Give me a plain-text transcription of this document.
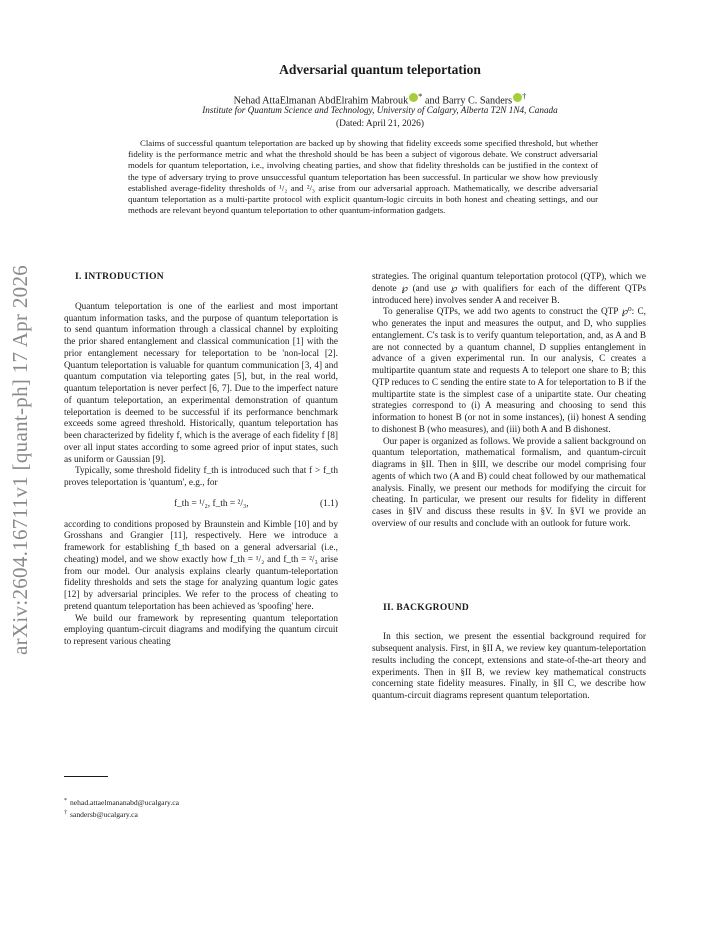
arXiv:2604.16711v1 [quant-ph] 17 Apr 2026
Adversarial quantum teleportation
Nehad AttaElmanan AbdElrahim Mabrouk * and Barry C. Sanders †
Institute for Quantum Science and Technology, University of Calgary, Alberta T2N 1N4, Canada
(Dated: April 21, 2026)

Claims of successful quantum teleportation are backed up by showing that fidelity exceeds some specified threshold, but whether fidelity is the performance metric and what the threshold should be has been a subject of vigorous debate. We construct adversarial models for quantum teleportation, i.e., involving cheating parties, and show that fidelity thresholds can be justified in the context of the type of adversary trying to prove unsuccessful quantum teleportation has been successful. In particular we show how previously established average-fidelity thresholds of ¹/₂ and ²/₃ arise from our adversarial approach. Mathematically, we describe adversarial quantum teleportation as a multi-partite protocol with explicit quantum-logic circuits in both honest and cheating settings, and our methods are relevant beyond quantum teleportation to other quantum-information gadgets.

I. INTRODUCTION

Quantum teleportation is one of the earliest and most important quantum information tasks, and the purpose of quantum teleportation is to send quantum information through a classical channel by exploiting the prior shared entanglement and classical communication [1] with the prior entanglement necessary for teleportation to be 'non-local [2]. Quantum teleportation is valuable for quantum communication [3, 4] and quantum computation via teleporting gates [5], but, in the real world, quantum teleportation is never perfect [6, 7]. Due to the imperfect nature of quantum teleportation, an experimental demonstration of quantum teleportation is deemed to be successful if its performance benchmark exceeds some agreed threshold. Historically, quantum teleportation has been characterized by fidelity f, which is the average of each fidelity f [8] over all input states according to some agreed prior of input states, such as uniform or Gaussian [9].

Typically, some threshold fidelity f_th is introduced such that f > f_th proves teleportation is 'quantum', e.g., for

f_th = ¹/₂, f_th = ²/₃,	(1.1)

according to conditions proposed by Braunstein and Kimble [10] and by Grosshans and Grangier [11], respectively. Here we introduce a framework for establishing f_th based on a general adversarial (i.e., cheating) model, and we show exactly how f_th = ¹/₂ and f_th = ²/₃ arise from our model. Our analysis explains clearly quantum-teleportation fidelity thresholds and sets the stage for analyzing quantum logic gates [12] by adversarial principles. We refer to the process of cheating to pretend quantum teleportation has been achieved as 'spoofing' here.

We build our framework by representing quantum teleportation employing quantum-circuit diagrams and modifying the quantum circuit to represent various cheating

strategies. The original quantum teleportation protocol (QTP), which we denote ℘ (and use ℘ with qualifiers for each of the different QTPs introduced here) involves sender A and receiver B.

To generalise QTPs, we add two agents to construct the QTP ℘⁰: C, who generates the input and measures the output, and D, who supplies entanglement. C's task is to verify quantum teleportation, and, as A and B are not connected by a quantum channel, D supplies entanglement in advance of a given experimental run. In our analysis, C creates a multipartite quantum state and requests A to teleport one share to B; this QTP reduces to C sending the entire state to A for teleportation to B if the multipartite state is the simplest case of a unipartite state. Our cheating strategies correspond to (i) A measuring and choosing to send this information to honest B (or not in some instances), (ii) honest A sending to dishonest B (who measures), and (iii) both A and B dishonest.

Our paper is organized as follows. We provide a salient background on quantum teleportation, mathematical formalism, and quantum-circuit diagrams in §II. Then in §III, we describe our model comprising four agents of which two (A and B) could cheat followed by our mathematical analysis. Finally, we present our methods for modifying the circuit for cheating. In particular, we present our results for fidelity in different cases in §IV and discuss these results in §V. In §VI we provide an overview of our results and conclude with an outlook for future work.

II. BACKGROUND

In this section, we present the essential background required for subsequent analysis. First, in §II A, we review key quantum-teleportation results including the concept, extensions and state-of-the-art theory and experiments. Then in §II B, we review key mathematical constructs concerning state fidelity measures. Finally, in §II C, we describe how quantum-circuit diagrams represent quantum teleportation.

* nehad.attaelmananabd@ucalgary.ca
† sandersb@ucalgary.ca
